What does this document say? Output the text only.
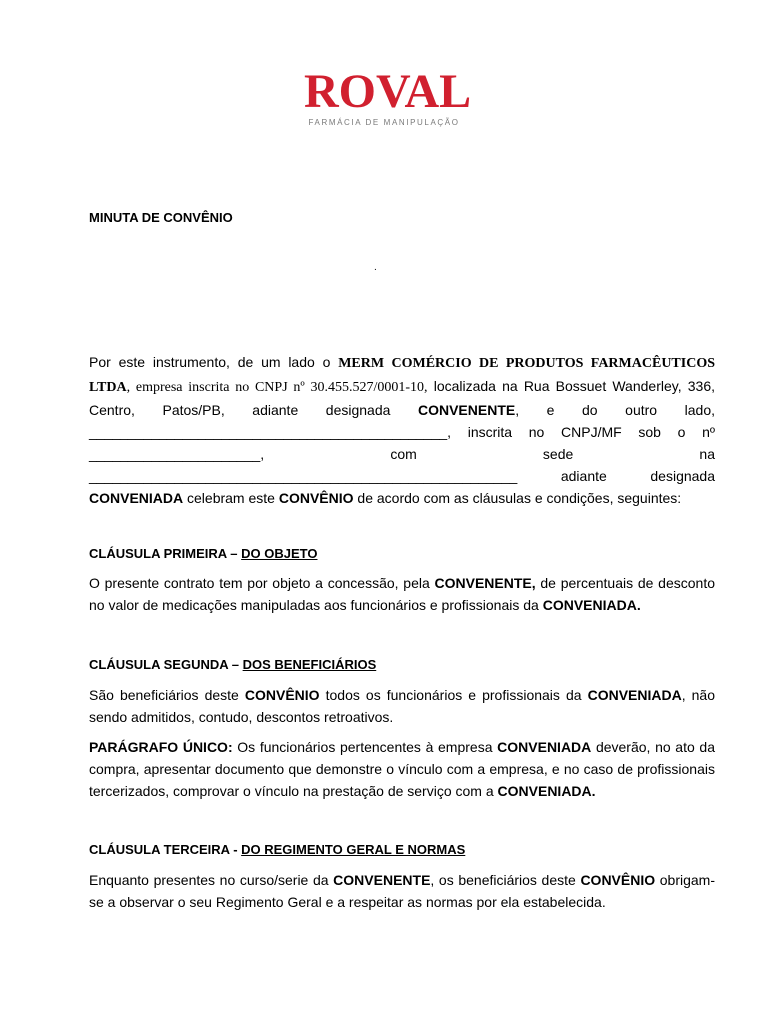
ROVAL
FARMÁCIA DE MANIPULAÇÃO
MINUTA DE CONVÊNIO
.

Por este instrumento, de um lado o MERM COMÉRCIO DE PRODUTOS FARMACÊUTICOS LTDA, empresa inscrita no CNPJ nº 30.455.527/0001-10, localizada na Rua Bossuet Wanderley, 336, Centro, Patos/PB, adiante designada CONVENENTE, e do outro lado, ______________________________________________, inscrita no CNPJ/MF sob o nº ______________________, com sede na _______________________________________________________ adiante designada CONVENIADA celebram este CONVÊNIO de acordo com as cláusulas e condições, seguintes:

CLÁUSULA PRIMEIRA – DO OBJETO

O presente contrato tem por objeto a concessão, pela CONVENENTE, de percentuais de desconto no valor de medicações manipuladas aos funcionários e profissionais da CONVENIADA.

CLÁUSULA SEGUNDA – DOS BENEFICIÁRIOS

São beneficiários deste CONVÊNIO todos os funcionários e profissionais da CONVENIADA, não sendo admitidos, contudo, descontos retroativos.

PARÁGRAFO ÚNICO: Os funcionários pertencentes à empresa CONVENIADA deverão, no ato da compra, apresentar documento que demonstre o vínculo com a empresa, e no caso de profissionais tercerizados, comprovar o vínculo na prestação de serviço com a CONVENIADA.

CLÁUSULA TERCEIRA - DO REGIMENTO GERAL E NORMAS

Enquanto presentes no curso/serie da CONVENENTE, os beneficiários deste CONVÊNIO obrigam-se a observar o seu Regimento Geral e a respeitar as normas por ela estabelecida.
